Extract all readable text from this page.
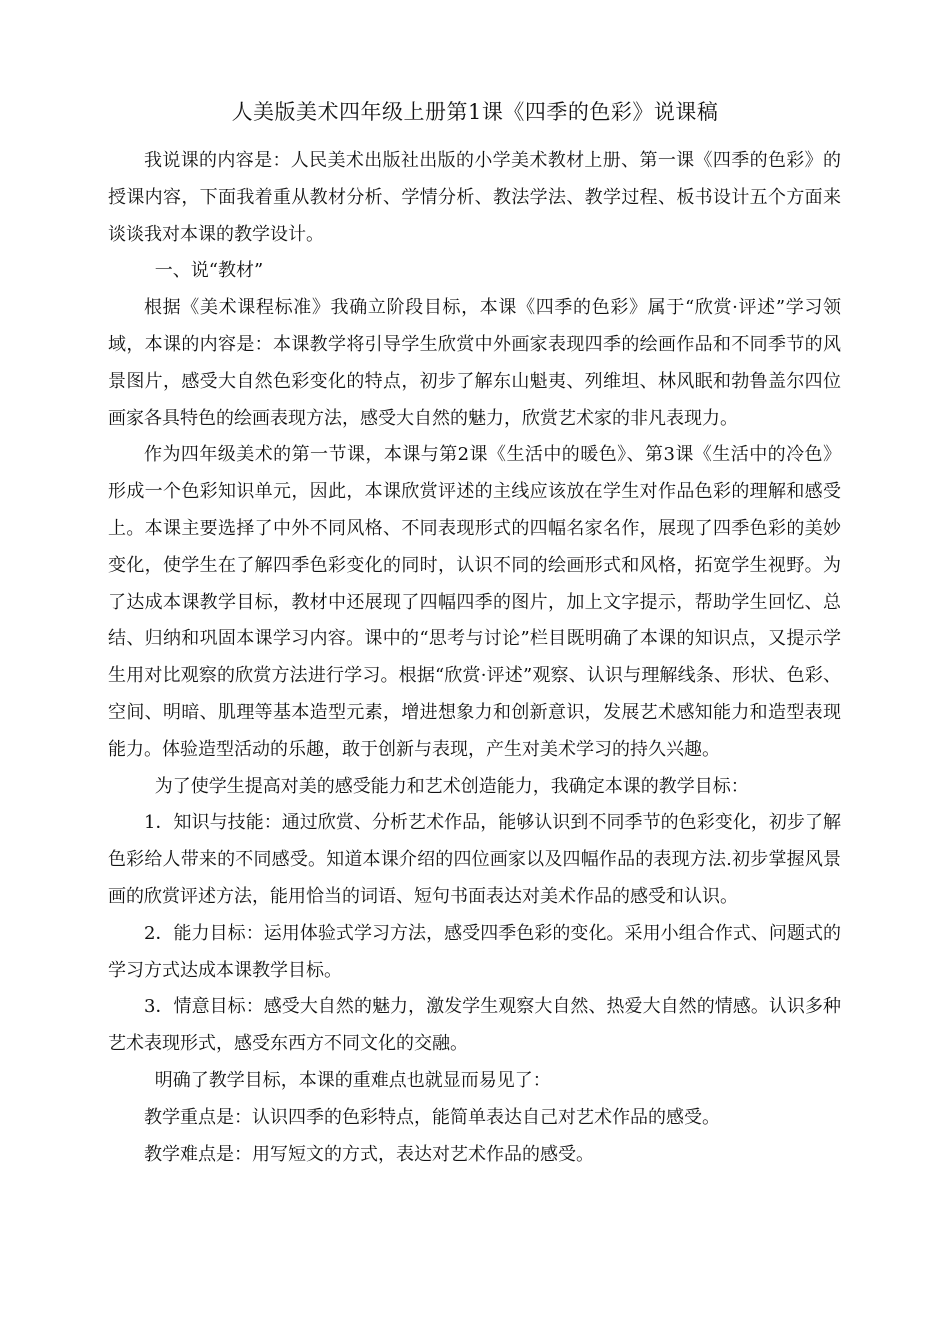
人美版美术四年级上册第1课《四季的色彩》说课稿

我说课的内容是：人民美术出版社出版的小学美术教材上册、第一课《四季的色彩》的授课内容，下面我着重从教材分析、学情分析、教法学法、教学过程、板书设计五个方面来谈谈我对本课的教学设计。

一、说“教材”

根据《美术课程标准》我确立阶段目标，本课《四季的色彩》属于“欣赏·评述”学习领域，本课的内容是：本课教学将引导学生欣赏中外画家表现四季的绘画作品和不同季节的风景图片，感受大自然色彩变化的特点，初步了解东山魁夷、列维坦、林风眠和勃鲁盖尔四位画家各具特色的绘画表现方法，感受大自然的魅力，欣赏艺术家的非凡表现力。

作为四年级美术的第一节课，本课与第2课《生活中的暖色》、第3课《生活中的冷色》形成一个色彩知识单元，因此，本课欣赏评述的主线应该放在学生对作品色彩的理解和感受上。本课主要选择了中外不同风格、不同表现形式的四幅名家名作，展现了四季色彩的美妙变化，使学生在了解四季色彩变化的同时，认识不同的绘画形式和风格，拓宽学生视野。为了达成本课教学目标，教材中还展现了四幅四季的图片，加上文字提示，帮助学生回忆、总结、归纳和巩固本课学习内容。课中的“思考与讨论”栏目既明确了本课的知识点，又提示学生用对比观察的欣赏方法进行学习。根据“欣赏·评述”观察、认识与理解线条、形状、色彩、空间、明暗、肌理等基本造型元素，增进想象力和创新意识，发展艺术感知能力和造型表现能力。体验造型活动的乐趣，敢于创新与表现，产生对美术学习的持久兴趣。

为了使学生提高对美的感受能力和艺术创造能力，我确定本课的教学目标：

1．知识与技能：通过欣赏、分析艺术作品，能够认识到不同季节的色彩变化，初步了解色彩给人带来的不同感受。知道本课介绍的四位画家以及四幅作品的表现方法.初步掌握风景画的欣赏评述方法，能用恰当的词语、短句书面表达对美术作品的感受和认识。

2．能力目标：运用体验式学习方法，感受四季色彩的变化。采用小组合作式、问题式的学习方式达成本课教学目标。

3．情意目标：感受大自然的魅力，激发学生观察大自然、热爱大自然的情感。认识多种艺术表现形式，感受东西方不同文化的交融。

明确了教学目标，本课的重难点也就显而易见了：

教学重点是：认识四季的色彩特点，能简单表达自己对艺术作品的感受。

教学难点是：用写短文的方式，表达对艺术作品的感受。
